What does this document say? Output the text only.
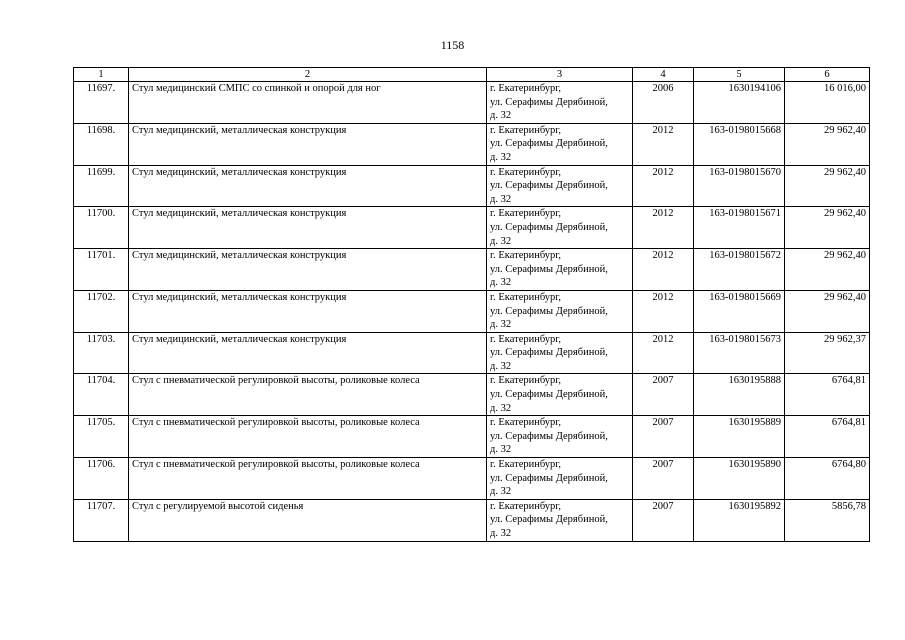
1158
1	2	3	4	5	6
11697.	Стул медицинский СМПС со спинкой и опорой для ног	г. Екатеринбург,
ул. Серафимы Дерябиной,
д. 32	2006	1630194106	16 016,00
11698.	Стул медицинский, металлическая конструкция	г. Екатеринбург,
ул. Серафимы Дерябиной,
д. 32	2012	163-0198015668	29 962,40
11699.	Стул медицинский, металлическая конструкция	г. Екатеринбург,
ул. Серафимы Дерябиной,
д. 32	2012	163-0198015670	29 962,40
11700.	Стул медицинский, металлическая конструкция	г. Екатеринбург,
ул. Серафимы Дерябиной,
д. 32	2012	163-0198015671	29 962,40
11701.	Стул медицинский, металлическая конструкция	г. Екатеринбург,
ул. Серафимы Дерябиной,
д. 32	2012	163-0198015672	29 962,40
11702.	Стул медицинский, металлическая конструкция	г. Екатеринбург,
ул. Серафимы Дерябиной,
д. 32	2012	163-0198015669	29 962,40
11703.	Стул медицинский, металлическая конструкция	г. Екатеринбург,
ул. Серафимы Дерябиной,
д. 32	2012	163-0198015673	29 962,37
11704.	Стул с пневматической регулировкой высоты, роликовые колеса	г. Екатеринбург,
ул. Серафимы Дерябиной,
д. 32	2007	1630195888	6764,81
11705.	Стул с пневматической регулировкой высоты, роликовые колеса	г. Екатеринбург,
ул. Серафимы Дерябиной,
д. 32	2007	1630195889	6764,81
11706.	Стул с пневматической регулировкой высоты, роликовые колеса	г. Екатеринбург,
ул. Серафимы Дерябиной,
д. 32	2007	1630195890	6764,80
11707.	Стул с регулируемой высотой сиденья	г. Екатеринбург,
ул. Серафимы Дерябиной,
д. 32	2007	1630195892	5856,78
